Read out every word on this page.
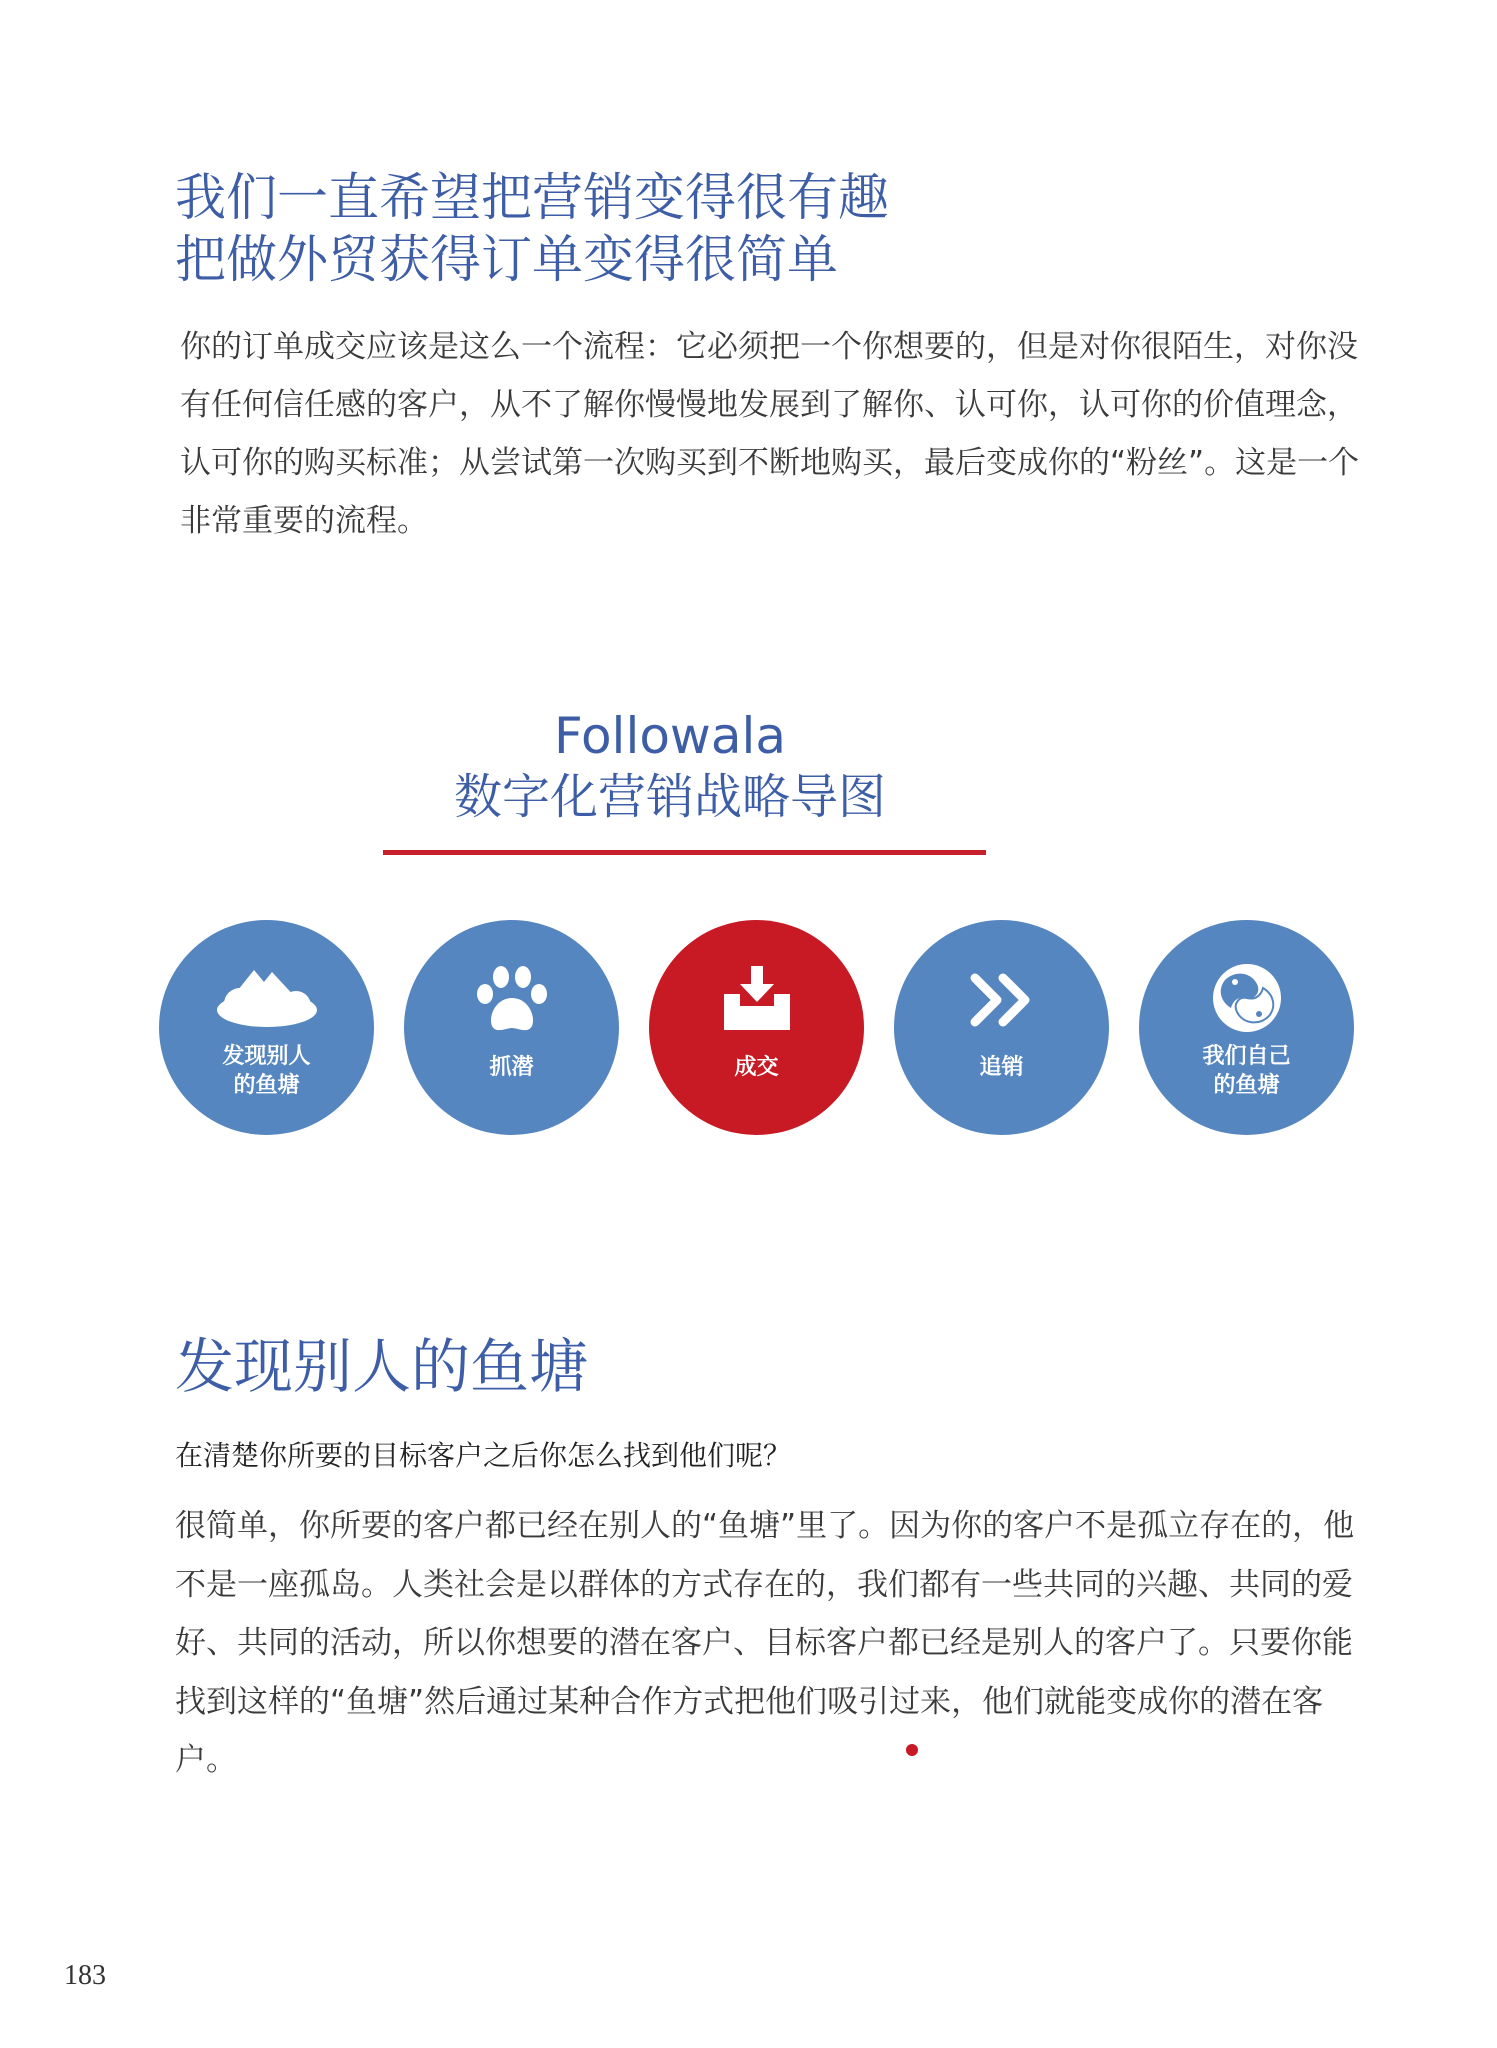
我们一直希望把营销变得很有趣
把做外贸获得订单变得很简单

你的订单成交应该是这么一个流程：它必须把一个你想要的，但是对你很陌生，对你没有任何信任感的客户，从不了解你慢慢地发展到了解你、认可你，认可你的价值理念，认可你的购买标准；从尝试第一次购买到不断地购买，最后变成你的“粉丝”。这是一个非常重要的流程。

Followala
数字化营销战略导图
发现别人
的鱼塘
抓潜	成交	追销	我们自己
的鱼塘
发现别人的鱼塘

在清楚你所要的目标客户之后你怎么找到他们呢？

很简单，你所要的客户都已经在别人的“鱼塘”里了。因为你的客户不是孤立存在的，他不是一座孤岛。人类社会是以群体的方式存在的，我们都有一些共同的兴趣、共同的爱好、共同的活动，所以你想要的潜在客户、目标客户都已经是别人的客户了。只要你能找到这样的“鱼塘”然后通过某种合作方式把他们吸引过来，他们就能变成你的潜在客户。

183
